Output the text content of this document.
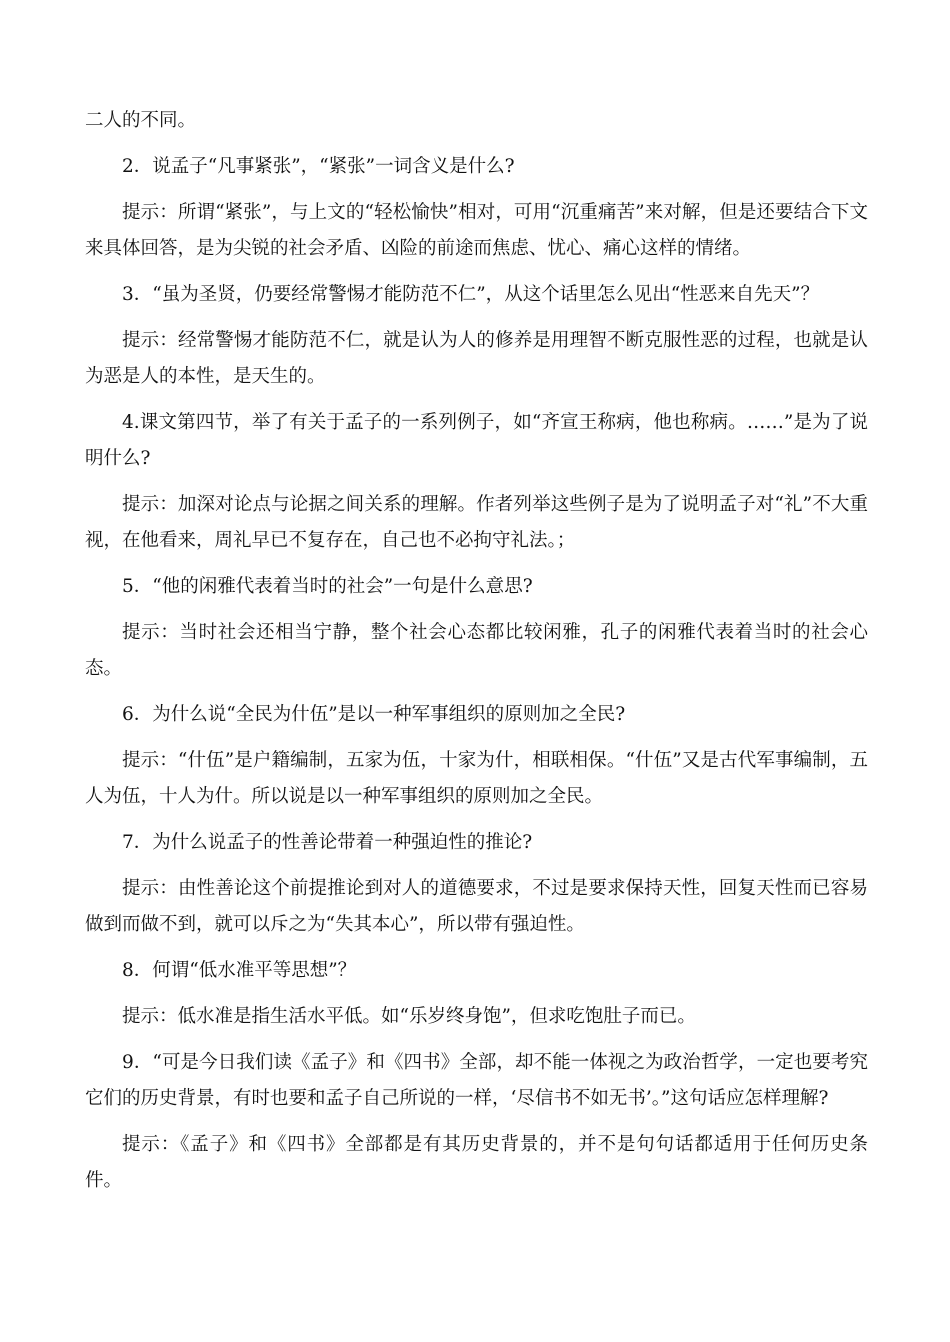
二人的不同。

2．说孟子“凡事紧张”，“紧张”一词含义是什么?

提示：所谓“紧张”，与上文的“轻松愉快”相对，可用“沉重痛苦”来对解，但是还要结合下文来具体回答，是为尖锐的社会矛盾、凶险的前途而焦虑、忧心、痛心这样的情绪。

3．“虽为圣贤，仍要经常警惕才能防范不仁”，从这个话里怎么见出“性恶来自先天”？

提示：经常警惕才能防范不仁，就是认为人的修养是用理智不断克服性恶的过程，也就是认为恶是人的本性，是天生的。

4.课文第四节，举了有关于孟子的一系列例子，如“齐宣王称病，他也称病。……”是为了说明什么?

提示：加深对论点与论据之间关系的理解。作者列举这些例子是为了说明孟子对“礼”不大重视，在他看来，周礼早已不复存在，自己也不必拘守礼法。；

5．“他的闲雅代表着当时的社会”一句是什么意思?

提示：当时社会还相当宁静，整个社会心态都比较闲雅，孔子的闲雅代表着当时的社会心态。

6．为什么说“全民为什伍”是以一种军事组织的原则加之全民?

提示：“什伍”是户籍编制，五家为伍，十家为什，相联相保。“什伍”又是古代军事编制，五人为伍，十人为什。所以说是以一种军事组织的原则加之全民。

7．为什么说孟子的性善论带着一种强迫性的推论?

提示：由性善论这个前提推论到对人的道德要求，不过是要求保持天性，回复天性而已容易做到而做不到，就可以斥之为“失其本心”，所以带有强迫性。

8．何谓“低水准平等思想”？

提示：低水准是指生活水平低。如“乐岁终身饱”，但求吃饱肚子而已。

9．“可是今日我们读《孟子》和《四书》全部，却不能一体视之为政治哲学，一定也要考究它们的历史背景，有时也要和孟子自己所说的一样，‘尽信书不如无书’。”这句话应怎样理解?

提示：《孟子》和《四书》全部都是有其历史背景的，并不是句句话都适用于任何历史条件。
